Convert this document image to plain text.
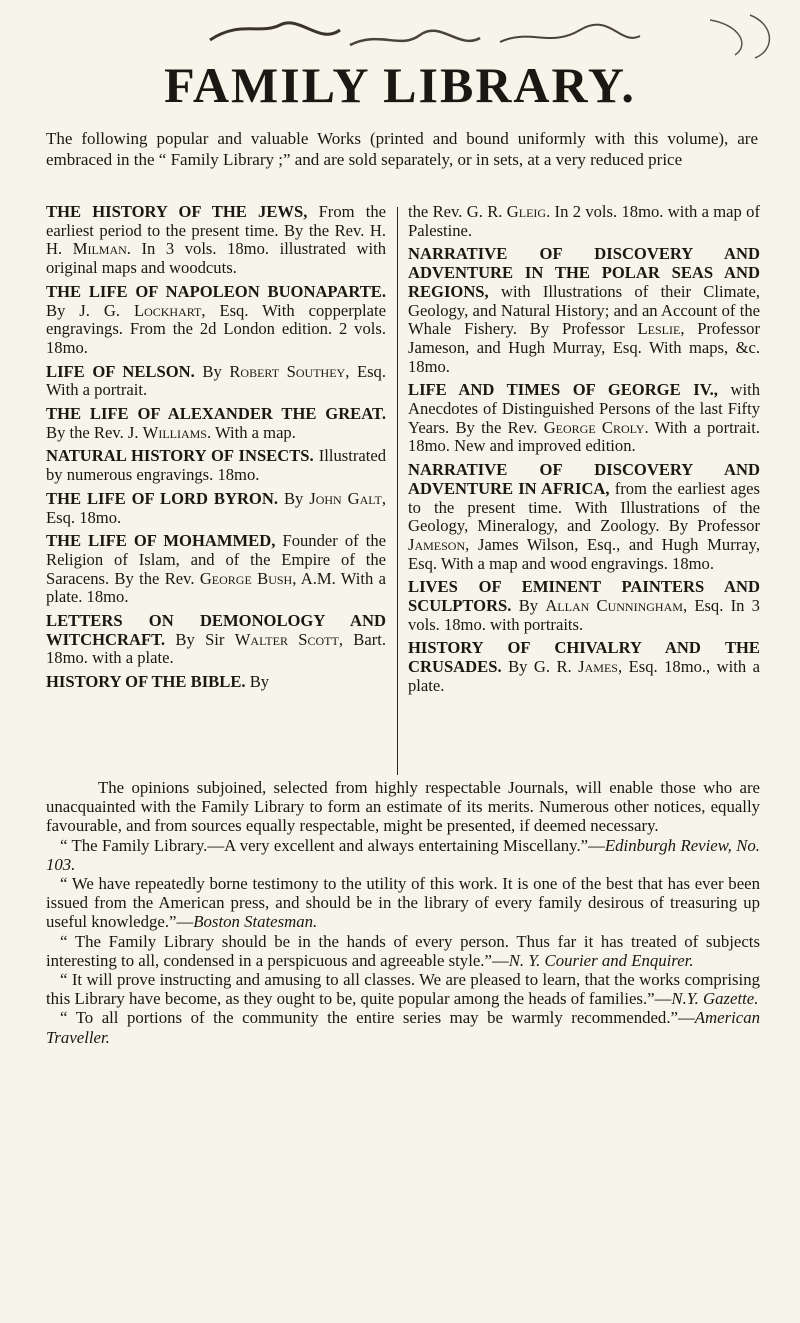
FAMILY LIBRARY.
The following popular and valuable Works (printed and bound uniformly with this volume), are embraced in the “ Family Library ;” and are sold separately, or in sets, at a very reduced price
THE HISTORY OF THE JEWS, From the earliest period to the present time. By the Rev. H. H. Milman. In 3 vols. 18mo. illustrated with original maps and woodcuts.
THE LIFE OF NAPOLEON BUONAPARTE. By J. G. Lockhart, Esq. With copperplate engravings. From the 2d London edition. 2 vols. 18mo.
LIFE OF NELSON. By Robert Southey, Esq. With a portrait.
THE LIFE OF ALEXANDER THE GREAT. By the Rev. J. Williams. With a map.
NATURAL HISTORY OF INSECTS. Illustrated by numerous engravings. 18mo.
THE LIFE OF LORD BYRON. By John Galt, Esq. 18mo.
THE LIFE OF MOHAMMED, Founder of the Religion of Islam, and of the Empire of the Saracens. By the Rev. George Bush, A.M. With a plate. 18mo.
LETTERS ON DEMONOLOGY AND WITCHCRAFT. By Sir Walter Scott, Bart. 18mo. with a plate.
HISTORY OF THE BIBLE. By
the Rev. G. R. Gleig. In 2 vols. 18mo. with a map of Palestine.
NARRATIVE OF DISCOVERY AND ADVENTURE IN THE POLAR SEAS AND REGIONS, with Illustrations of their Climate, Geology, and Natural History; and an Account of the Whale Fishery. By Professor Leslie, Professor Jameson, and Hugh Murray, Esq. With maps, &c. 18mo.
LIFE AND TIMES OF GEORGE IV., with Anecdotes of Distinguished Persons of the last Fifty Years. By the Rev. George Croly. With a portrait. 18mo. New and improved edition.
NARRATIVE OF DISCOVERY AND ADVENTURE IN AFRICA, from the earliest ages to the present time. With Illustrations of the Geology, Mineralogy, and Zoology. By Professor Jameson, James Wilson, Esq., and Hugh Murray, Esq. With a map and wood engravings. 18mo.
LIVES OF EMINENT PAINTERS AND SCULPTORS. By Allan Cunningham, Esq. In 3 vols. 18mo. with portraits.
HISTORY OF CHIVALRY AND THE CRUSADES. By G. R. James, Esq. 18mo., with a plate.

The opinions subjoined, selected from highly respectable Journals, will enable those who are unacquainted with the Family Library to form an estimate of its merits. Numerous other notices, equally favourable, and from sources equally respectable, might be presented, if deemed necessary.

“ The Family Library.—A very excellent and always entertaining Miscellany.”—Edinburgh Review, No. 103.

“ We have repeatedly borne testimony to the utility of this work. It is one of the best that has ever been issued from the American press, and should be in the library of every family desirous of treasuring up useful knowledge.”—Boston Statesman.

“ The Family Library should be in the hands of every person. Thus far it has treated of subjects interesting to all, condensed in a perspicuous and agreeable style.”—N. Y. Courier and Enquirer.

“ It will prove instructing and amusing to all classes. We are pleased to learn, that the works comprising this Library have become, as they ought to be, quite popular among the heads of families.”—N.Y. Gazette.

“ To all portions of the community the entire series may be warmly recommended.”—American Traveller.
